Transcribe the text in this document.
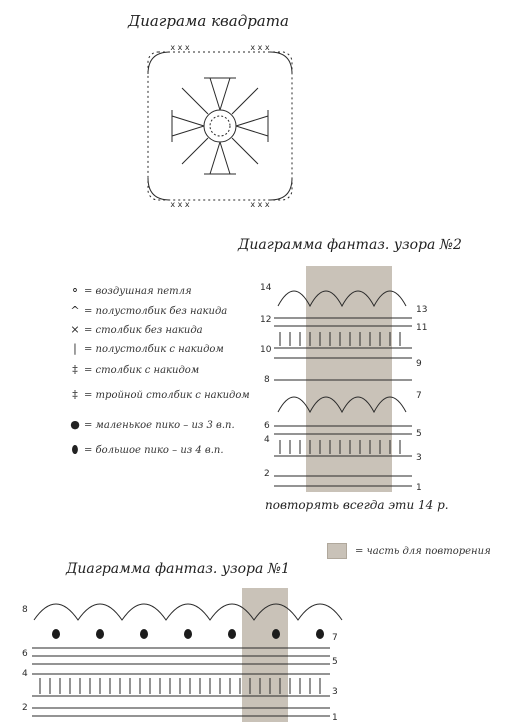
Диаграма квадрата
Диаграмма фантаз. узора №2
Диаграмма фантаз. узора №1
x x x	x x x
x x x	x x x
⚬ = воздушная петля
^ = полустолбик без накида
× = столбик без накида
| = полустолбик с накидом
‡ = столбик с накидом
‡ = тройной столбик с накидом
● = маленькое пико – из 3 в.п.
⬮ = большое пико – из 4 в.п.
14
12
10
8
6
4
2
13
11
9
7
5
3
1
повторять всегда эти 14 р.
= часть для повторения
8
6
4
2
7
5
3
1
